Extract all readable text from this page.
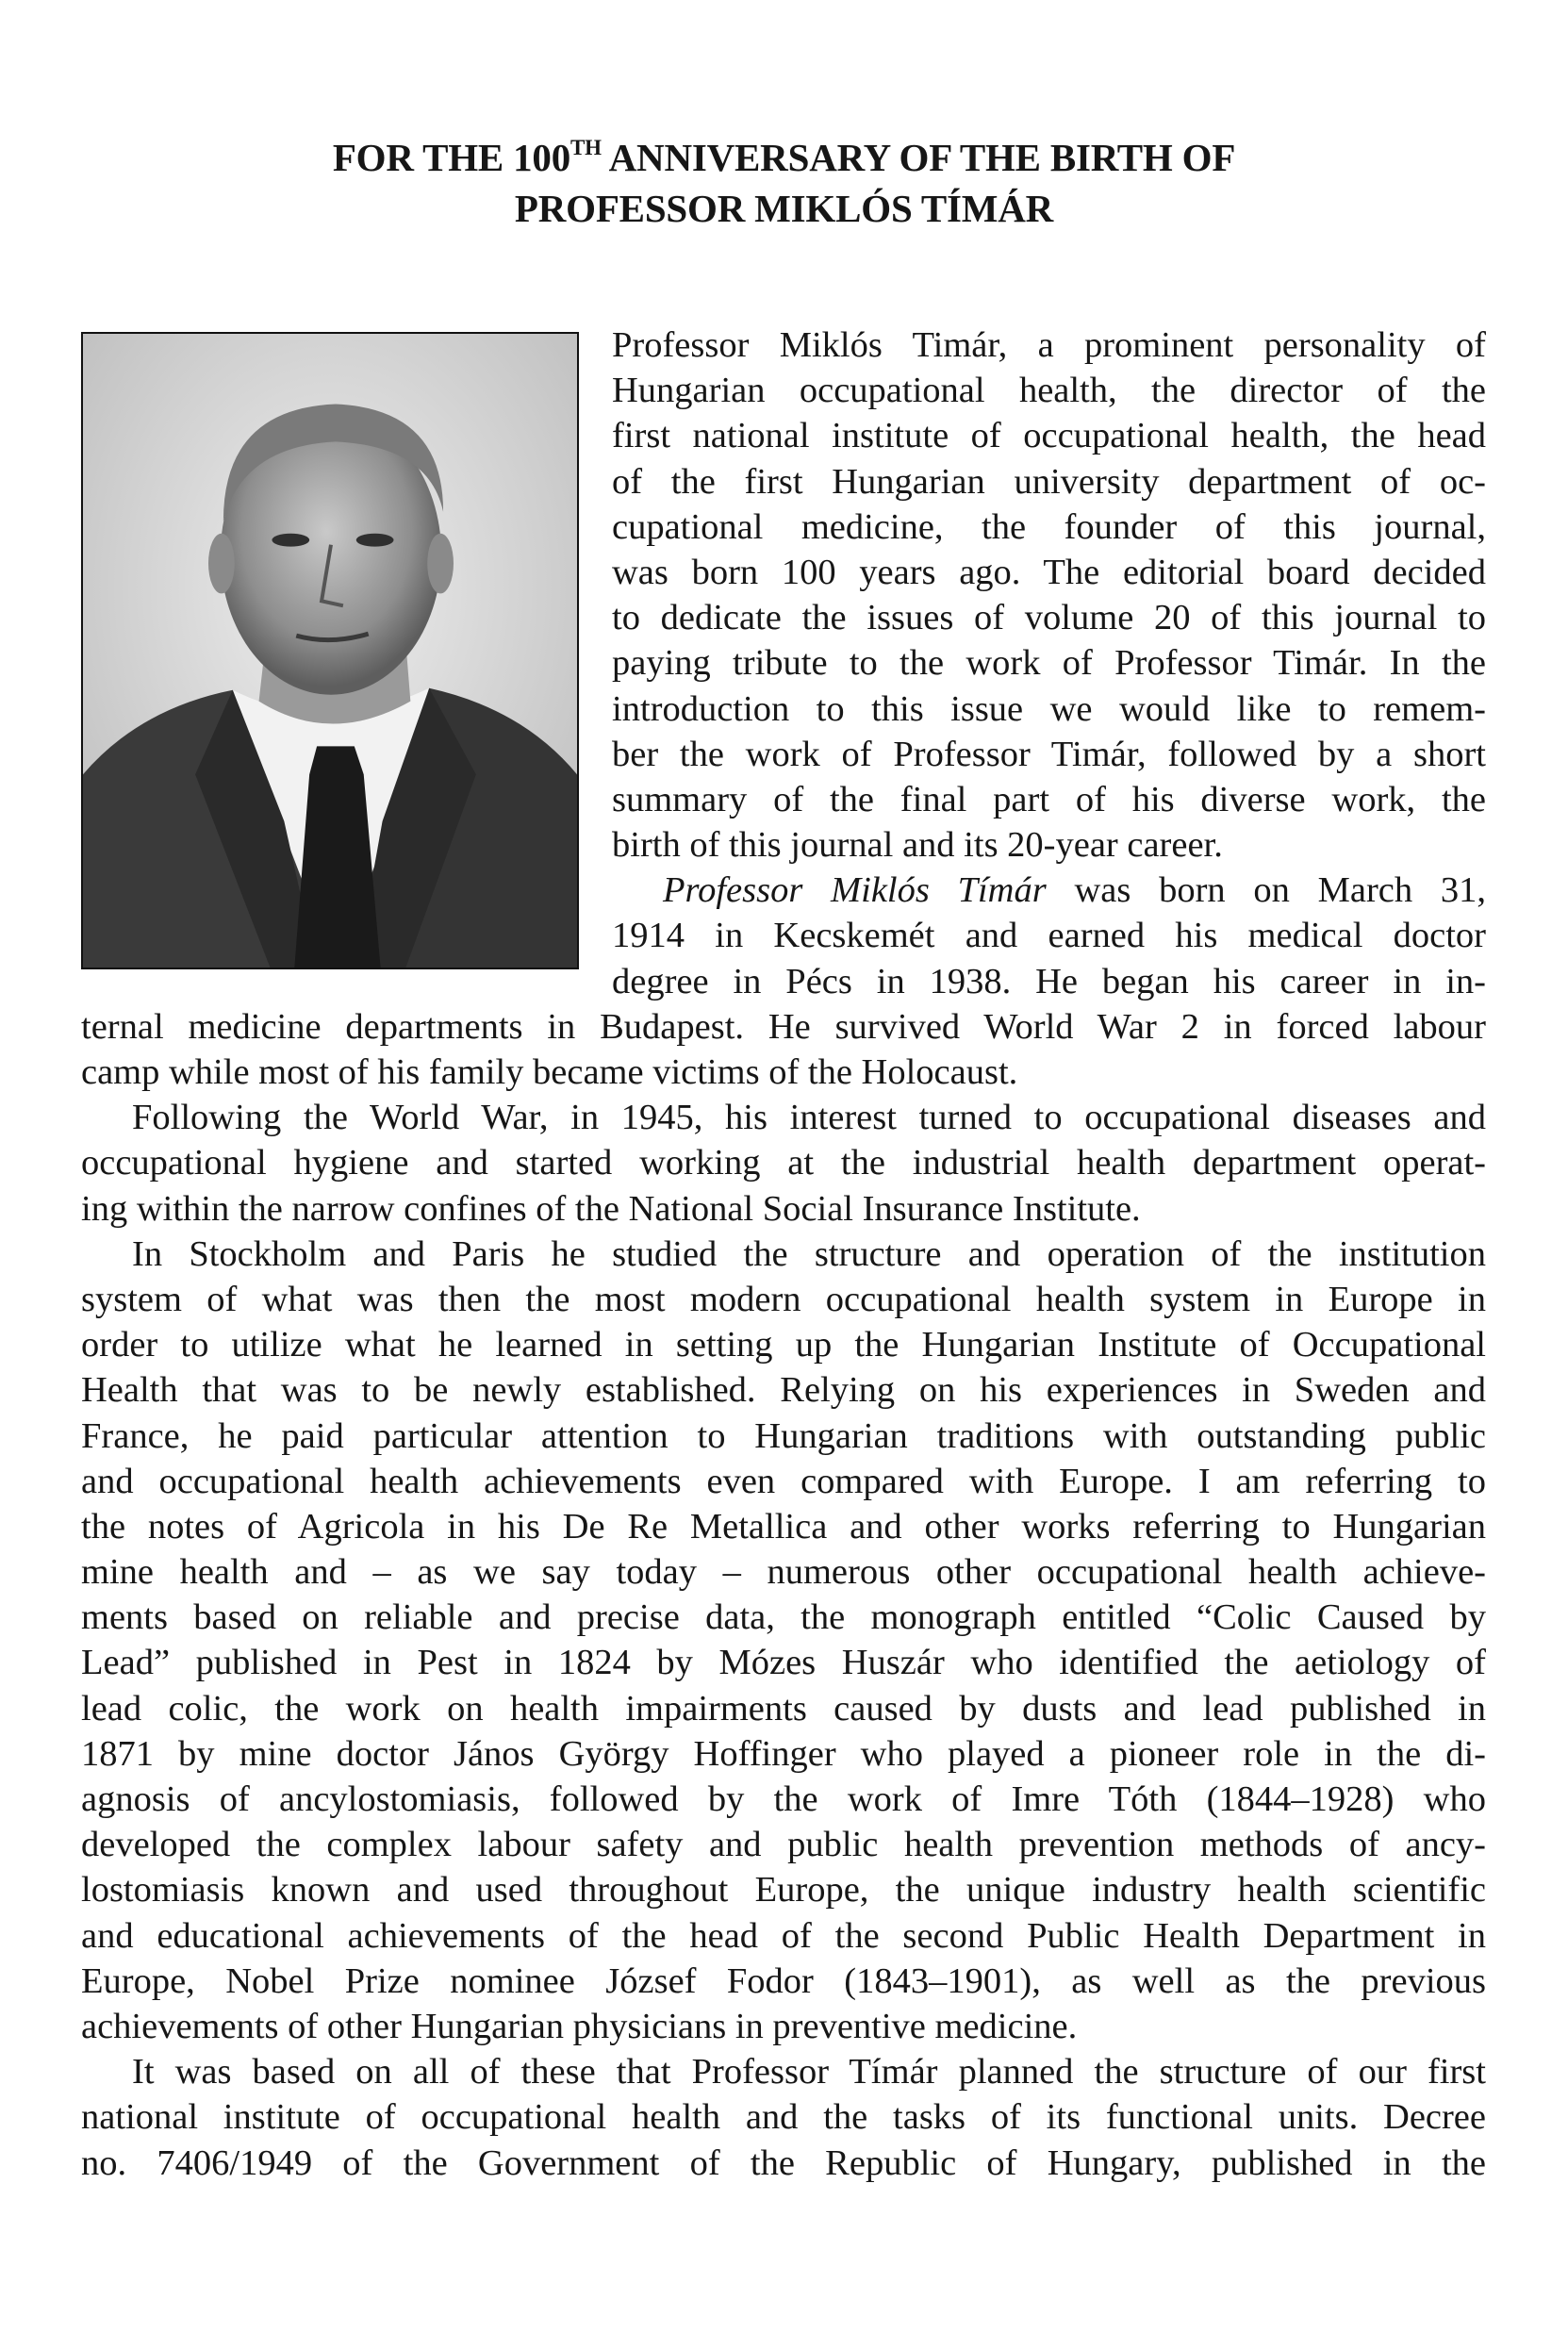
FOR THE 100TH ANNIVERSARY OF THE BIRTH OF
PROFESSOR MIKLÓS TÍMÁR
Professor Miklós Timár, a prominent personality of
Hungarian occupational health, the director of the
first national institute of occupational health, the head
of the first Hungarian university department of oc-
cupational medicine, the founder of this journal,
was born 100 years ago. The editorial board decided
to dedicate the issues of volume 20 of this journal to
paying tribute to the work of Professor Timár. In the
introduction to this issue we would like to remem-
ber the work of Professor Timár, followed by a short
summary of the final part of his diverse work, the
birth of this journal and its 20-year career.
Professor Miklós Tímár was born on March 31,
1914 in Kecskemét and earned his medical doctor
degree in Pécs in 1938. He began his career in in-
ternal medicine departments in Budapest. He survived World War 2 in forced labour
camp while most of his family became victims of the Holocaust.
Following the World War, in 1945, his interest turned to occupational diseases and
occupational hygiene and started working at the industrial health department operat-
ing within the narrow confines of the National Social Insurance Institute.
In Stockholm and Paris he studied the structure and operation of the institution
system of what was then the most modern occupational health system in Europe in
order to utilize what he learned in setting up the Hungarian Institute of Occupational
Health that was to be newly established. Relying on his experiences in Sweden and
France, he paid particular attention to Hungarian traditions with outstanding public
and occupational health achievements even compared with Europe. I am referring to
the notes of Agricola in his De Re Metallica and other works referring to Hungarian
mine health and – as we say today – numerous other occupational health achieve-
ments based on reliable and precise data, the monograph entitled “Colic Caused by
Lead” published in Pest in 1824 by Mózes Huszár who identified the aetiology of
lead colic, the work on health impairments caused by dusts and lead published in
1871 by mine doctor János György Hoffinger who played a pioneer role in the di-
agnosis of ancylostomiasis, followed by the work of Imre Tóth (1844–1928) who
developed the complex labour safety and public health prevention methods of ancy-
lostomiasis known and used throughout Europe, the unique industry health scientific
and educational achievements of the head of the second Public Health Department in
Europe, Nobel Prize nominee József Fodor (1843–1901), as well as the previous
achievements of other Hungarian physicians in preventive medicine.
It was based on all of these that Professor Tímár planned the structure of our first
national institute of occupational health and the tasks of its functional units. Decree
no. 7406/1949 of the Government of the Republic of Hungary, published in the
